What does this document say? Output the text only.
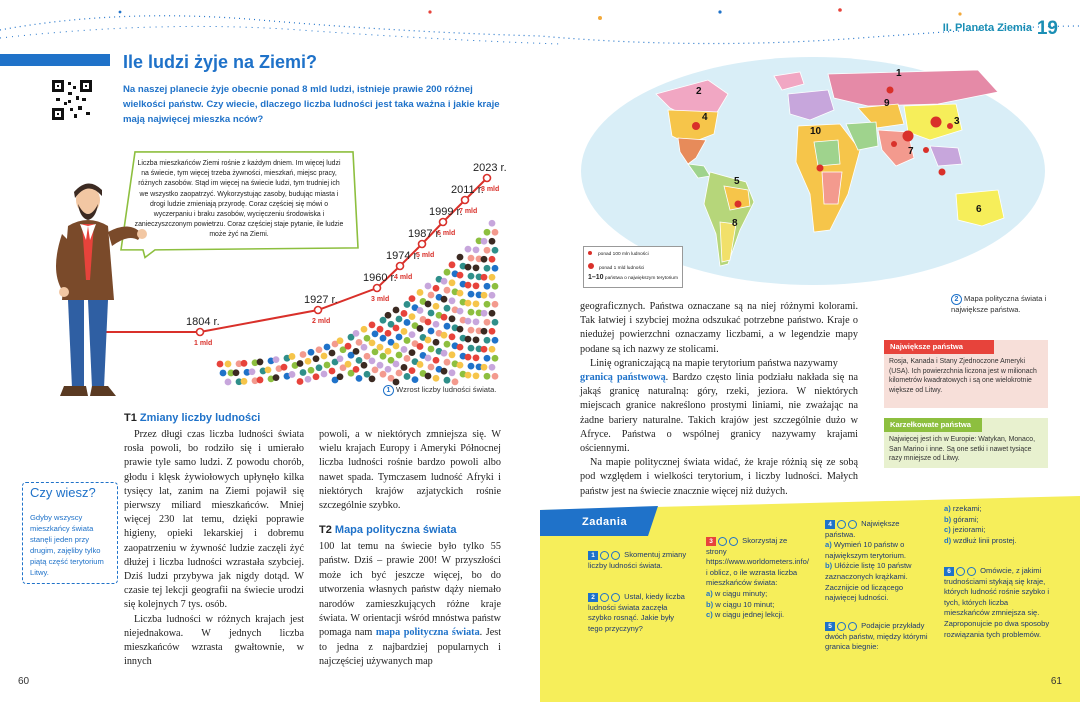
II. Planeta Ziemia 19
Ile ludzi żyje na Ziemi?
Na naszej planecie żyje obecnie ponad 8 mld ludzi, istnieje prawie 200 różnej wielkości państw. Czy wiecie, dlaczego liczba ludności jest taka ważna i jakie kraje mają najwięcej mieszka nców?
1804 r.
1 mld
1927 r.
2 mld
1960 r.
3 mld
1974 r.
4 mld
1987 r.
5 mld
1999 r.
6 mld
2011 r.
7 mld
2023 r.
8 mld
Liczba mieszkańców Ziemi rośnie z każdym dniem. Im więcej ludzi na świecie, tym więcej trzeba żywności, mieszkań, miejsc pracy, różnych zasobów. Stąd im więcej na świecie ludzi, tym trudniej ich we wszystko zaopatrzyć. Wykorzystując zasoby, budując miasta i drogi ludzie zmieniają przyrodę. Coraz częściej się mówi o wyczerpaniu i braku zasobów, wycięczeniu środowiska i zanieczyszczonym powietrzu. Coraz częściej staje pytanie, ile ludzie może żyć na Ziemi.
1 Wzrost liczby ludności świata.
T1 Zmiany liczby ludności
Przez długi czas liczba ludności świata rosła powoli, bo rodziło się i umierało prawie tyle samo ludzi. Z powodu chorób, głodu i klęsk żywiołowych upłynęło kilka tysięcy lat, zanim na Ziemi pojawił się pierwszy miliard mieszkańców. Mniej więcej 230 lat temu, dzięki poprawie higieny, opieki lekarskiej i dobremu zaopatrzeniu w żywność ludzie zaczęli żyć dłużej i liczba ludności wzrastała szybciej. Dziś ludzi przybywa jak nigdy dotąd. W czasie tej lekcji geografii na świecie urodzi się kolejnych 7 tys. osób.
Liczba ludności w różnych krajach jest niejednakowa. W jednych liczba mieszkańców wzrasta gwałtownie, w innych
powoli, a w niektórych zmniejsza się. W wielu krajach Europy i Ameryki Północnej liczba ludności rośnie bardzo powoli albo nawet spada. Tymczasem ludność Afryki i niektórych krajów azjatyckich rośnie szczególnie szybko.
T2 Mapa polityczna świata
100 lat temu na świecie było tylko 55 państw. Dziś – prawie 200! W przyszłości może ich być jeszcze więcej, bo do utworzenia własnych państw dąży niemało narodów zamieszkujących różne kraje świata. W orientacji wśród mnóstwa państw pomaga nam mapa polityczna świata. Jest to jedna z najbardziej popularnych i najczęściej używanych map
Czy wiesz?
Gdyby wszyscy mieszkańcy świata stanęli jeden przy drugim, zajęliby tylko piątą część terytorium Litwy.
60
2
3
4
5
6
7
8
9
10
1
ponad 100 mln ludności
ponad 1 mld ludności
1–10 państwa o największym terytorium
2 Mapa polityczna świata i największe państwa.
geograficznych. Państwa oznaczane są na niej różnymi kolorami. Tak łatwiej i szybciej można odszukać potrzebne państwo. Kraje o niedużej powierzchni oznaczamy liczbami, a w legendzie mapy podane są ich nazwy ze stolicami.
Linię ograniczającą na mapie terytorium państwa nazywamy granicą państwową. Bardzo często linia podziału nakłada się na jakąś granicę naturalną: góry, rzeki, jeziora. W niektórych miejscach granice nakreślono prostymi liniami, nie zważając na żadne bariery naturalne. Takich krajów jest szczególnie dużo w Afryce. Państwa o wspólnej granicy nazywamy krajami ościennymi.
Na mapie politycznej świata widać, że kraje różnią się ze sobą pod względem i wielkości terytorium, i liczby ludności. Małych państw jest na świecie znacznie więcej niż dużych.
Największe państwa
Rosja, Kanada i Stany Zjednoczone Ameryki (USA). Ich powierzchnia liczona jest w milionach kilometrów kwadratowych i są one wielokrotnie większe od Litwy.
Karzełkowate państwa
Najwięcej jest ich w Europie: Watykan, Monaco, San Marino i inne. Są one setki i nawet tysiące razy mniejsze od Litwy.
Zadania
1	Skomentuj zmiany liczby ludności świata.
2	Ustal, kiedy liczba ludności świata zaczęła szybko rosnąć. Jakie były tego przyczyny?
3	Skorzystaj ze strony https://www.worldometers.info/ i oblicz, o ile wzrasta liczba mieszkańców świata:
a) w ciągu minuty;
b) w ciągu 10 minut;
c) w ciągu jednej lekcji.
4	Największe państwa.
a) Wymień 10 państw o największym terytorium.
b) Ułóżcie listę 10 państw zaznaczonych krążkami. Zacznijcie od liczącego najwięcej ludności.
5	Podajcie przykłady dwóch państw, między którymi granica biegnie:
a) rzekami;
b) górami;
c) jeziorami;
d) wzdłuż linii prostej.
6	Omówcie, z jakimi trudnościami stykają się kraje, których ludność rośnie szybko i tych, których liczba mieszkańców zmniejsza się. Zaproponujcie po dwa sposoby rozwiązania tych problemów.
61
